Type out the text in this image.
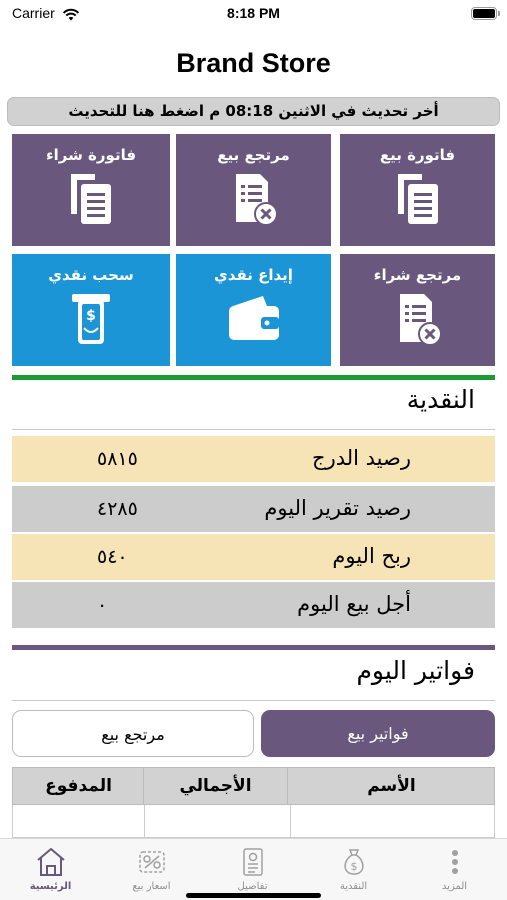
Carrier	8:18 PM
Brand Store
أخر تحديث في الاثنين 08:18 م اضغط هنا للتحديث
فاتورة بيع
مرتجع بيع
فاتورة شراء
مرتجع شراء
إيداع نقدي
سحب نقدي
$
النقدية
رصيد الدرج
٥٨١٥
رصيد تقرير اليوم
٤٢٨٥
ربح اليوم
٥٤٠
أجل بيع اليوم
٠
فواتير اليوم
فواتير بيع
مرتجع بيع
الأسم
الأجمالي
المدفوع
الرئيسية	اسعار بيع	تفاصيل
$
النقدية	المزيد
